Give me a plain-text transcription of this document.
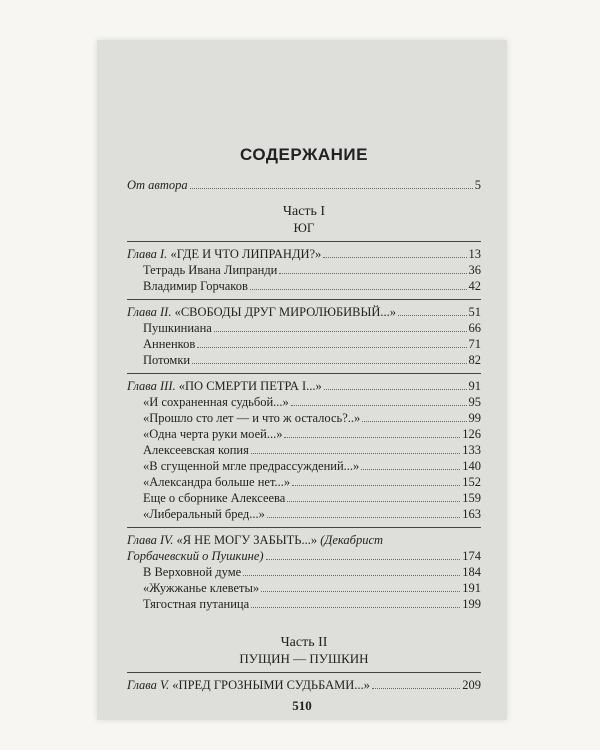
СОДЕРЖАНИЕ
От автора	5
Часть I
ЮГ
Глава I. «ГДЕ И ЧТО ЛИПРАНДИ?»	13
Тетрадь Ивана Липранди	36
Владимир Горчаков	42
Глава II. «СВОБОДЫ ДРУГ МИРОЛЮБИВЫЙ...»	51
Пушкиниана	66
Анненков	71
Потомки	82
Глава III. «ПО СМЕРТИ ПЕТРА I...»	91
«И сохраненная судьбой...»	95
«Прошло сто лет — и что ж осталось?..»	99
«Одна черта руки моей...»	126
Алексеевская копия	133
«В сгущенной мгле предрассуждений...»	140
«Александра больше нет...»	152
Еще о сборнике Алексеева	159
«Либеральный бред...»	163
Глава IV. «Я НЕ МОГУ ЗАБЫТЬ...» (Декабрист
Горбачевский о Пушкине)	174
В Верховной думе	184
«Жужжанье клеветы»	191
Тягостная путаница	199
Часть II
ПУЩИН — ПУШКИН
Глава V. «ПРЕД ГРОЗНЫМИ СУДЬБАМИ...»	209
510
